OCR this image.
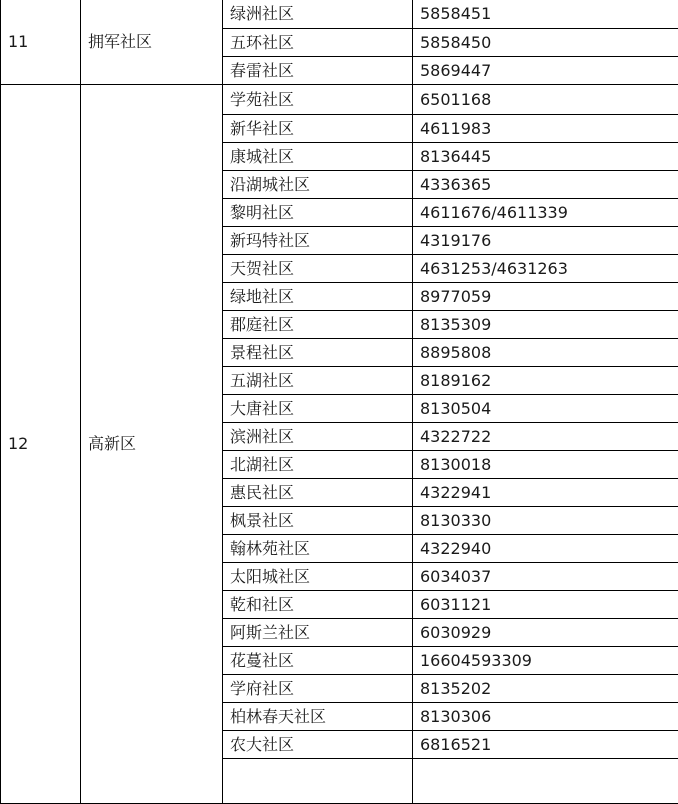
11	拥军社区	绿洲社区	5858451
		五环社区	5858450
		春雷社区	5869447
12	高新区	学苑社区	6501168
		新华社区	4611983
		康城社区	8136445
		沿湖城社区	4336365
		黎明社区	4611676/4611339
		新玛特社区	4319176
		天贺社区	4631253/4631263
		绿地社区	8977059
		郡庭社区	8135309
		景程社区	8895808
		五湖社区	8189162
		大唐社区	8130504
		滨洲社区	4322722
		北湖社区	8130018
		惠民社区	4322941
		枫景社区	8130330
		翰林苑社区	4322940
		太阳城社区	6034037
		乾和社区	6031121
		阿斯兰社区	6030929
		花蔓社区	16604593309
		学府社区	8135202
		柏林春天社区	8130306
		农大社区	6816521
